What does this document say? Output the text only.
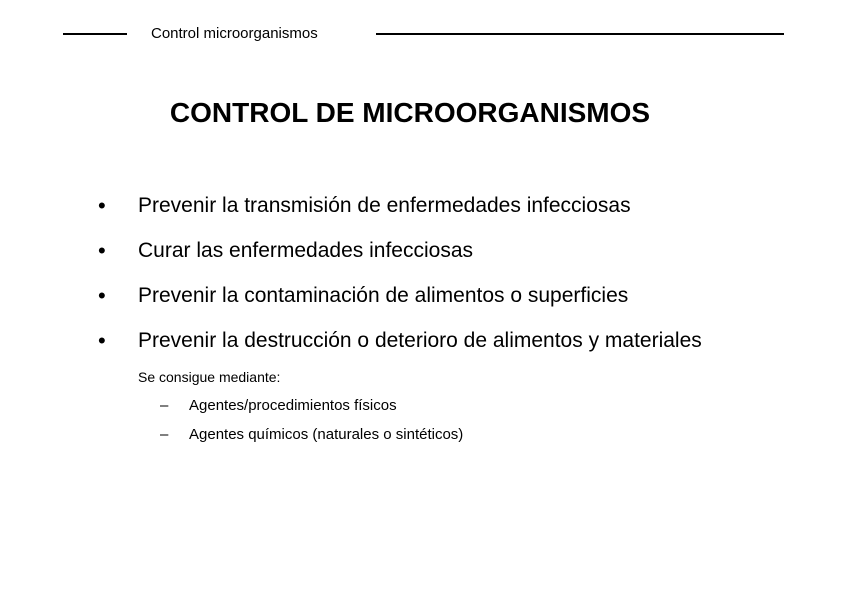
Control microorganismos
CONTROL DE MICROORGANISMOS
• Prevenir la transmisión de enfermedades infecciosas
• Curar las enfermedades infecciosas
• Prevenir la contaminación de alimentos o superficies
• Prevenir la destrucción o deterioro de alimentos y materiales
Se consigue mediante:
– Agentes/procedimientos físicos
– Agentes químicos (naturales o sintéticos)
